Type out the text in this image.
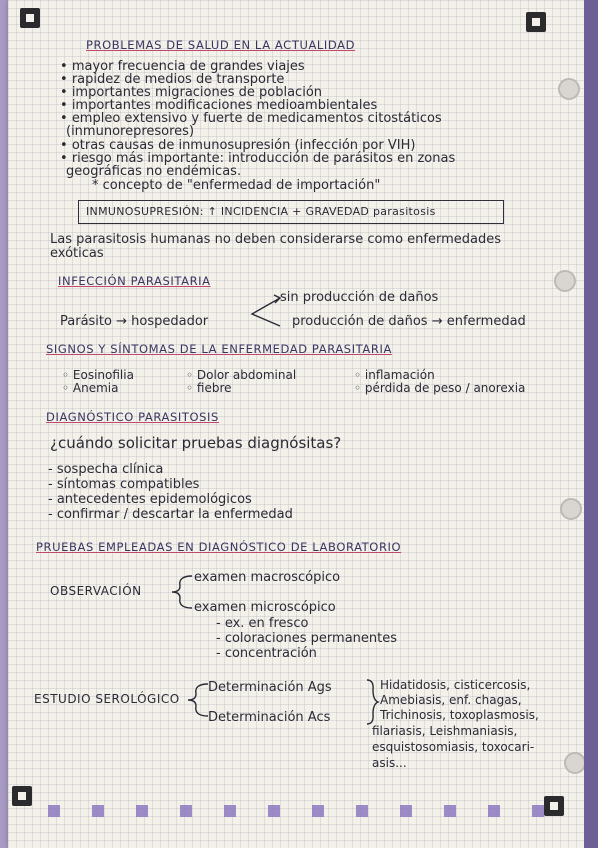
PROBLEMAS DE SALUD EN LA ACTUALIDAD
• mayor frecuencia de grandes viajes
• rapidez de medios de transporte
• importantes migraciones de población
• importantes modificaciones medioambientales
• empleo extensivo y fuerte de medicamentos citostáticos
(inmunorepresores)
• otras causas de inmunosupresión (infección por VIH)
• riesgo más importante: introducción de parásitos en zonas
geográficas no endémicas.
* concepto de "enfermedad de importación"
INMUNOSUPRESIÓN: ↑ INCIDENCIA + GRAVEDAD parasitosis
Las parasitosis humanas no deben considerarse como enfermedades
exóticas
INFECCIÓN PARASITARIA
sin producción de daños
Parásito → hospedador	producción de daños → enfermedad
SIGNOS Y SÍNTOMAS DE LA ENFERMEDAD PARASITARIA
◦ Eosinofilia
◦ Anemia
◦ Dolor abdominal
◦ fiebre
◦ inflamación
◦ pérdida de peso / anorexia
DIAGNÓSTICO PARASITOSIS
¿cuándo solicitar pruebas diagnósitas?
- sospecha clínica
- síntomas compatibles
- antecedentes epidemológicos
- confirmar / descartar la enfermedad
PRUEBAS EMPLEADAS EN DIAGNÓSTICO DE LABORATORIO
OBSERVACIÓN
examen macroscópico
examen microscópico
- ex. en fresco
- coloraciones permanentes
- concentración
ESTUDIO SEROLÓGICO
Determinación Ags
Determinación Acs
Hidatidosis, cisticercosis,
Amebiasis, enf. chagas,
Trichinosis, toxoplasmosis,
filariasis, Leishmaniasis,
esquistosomiasis, toxocari-
asis...
